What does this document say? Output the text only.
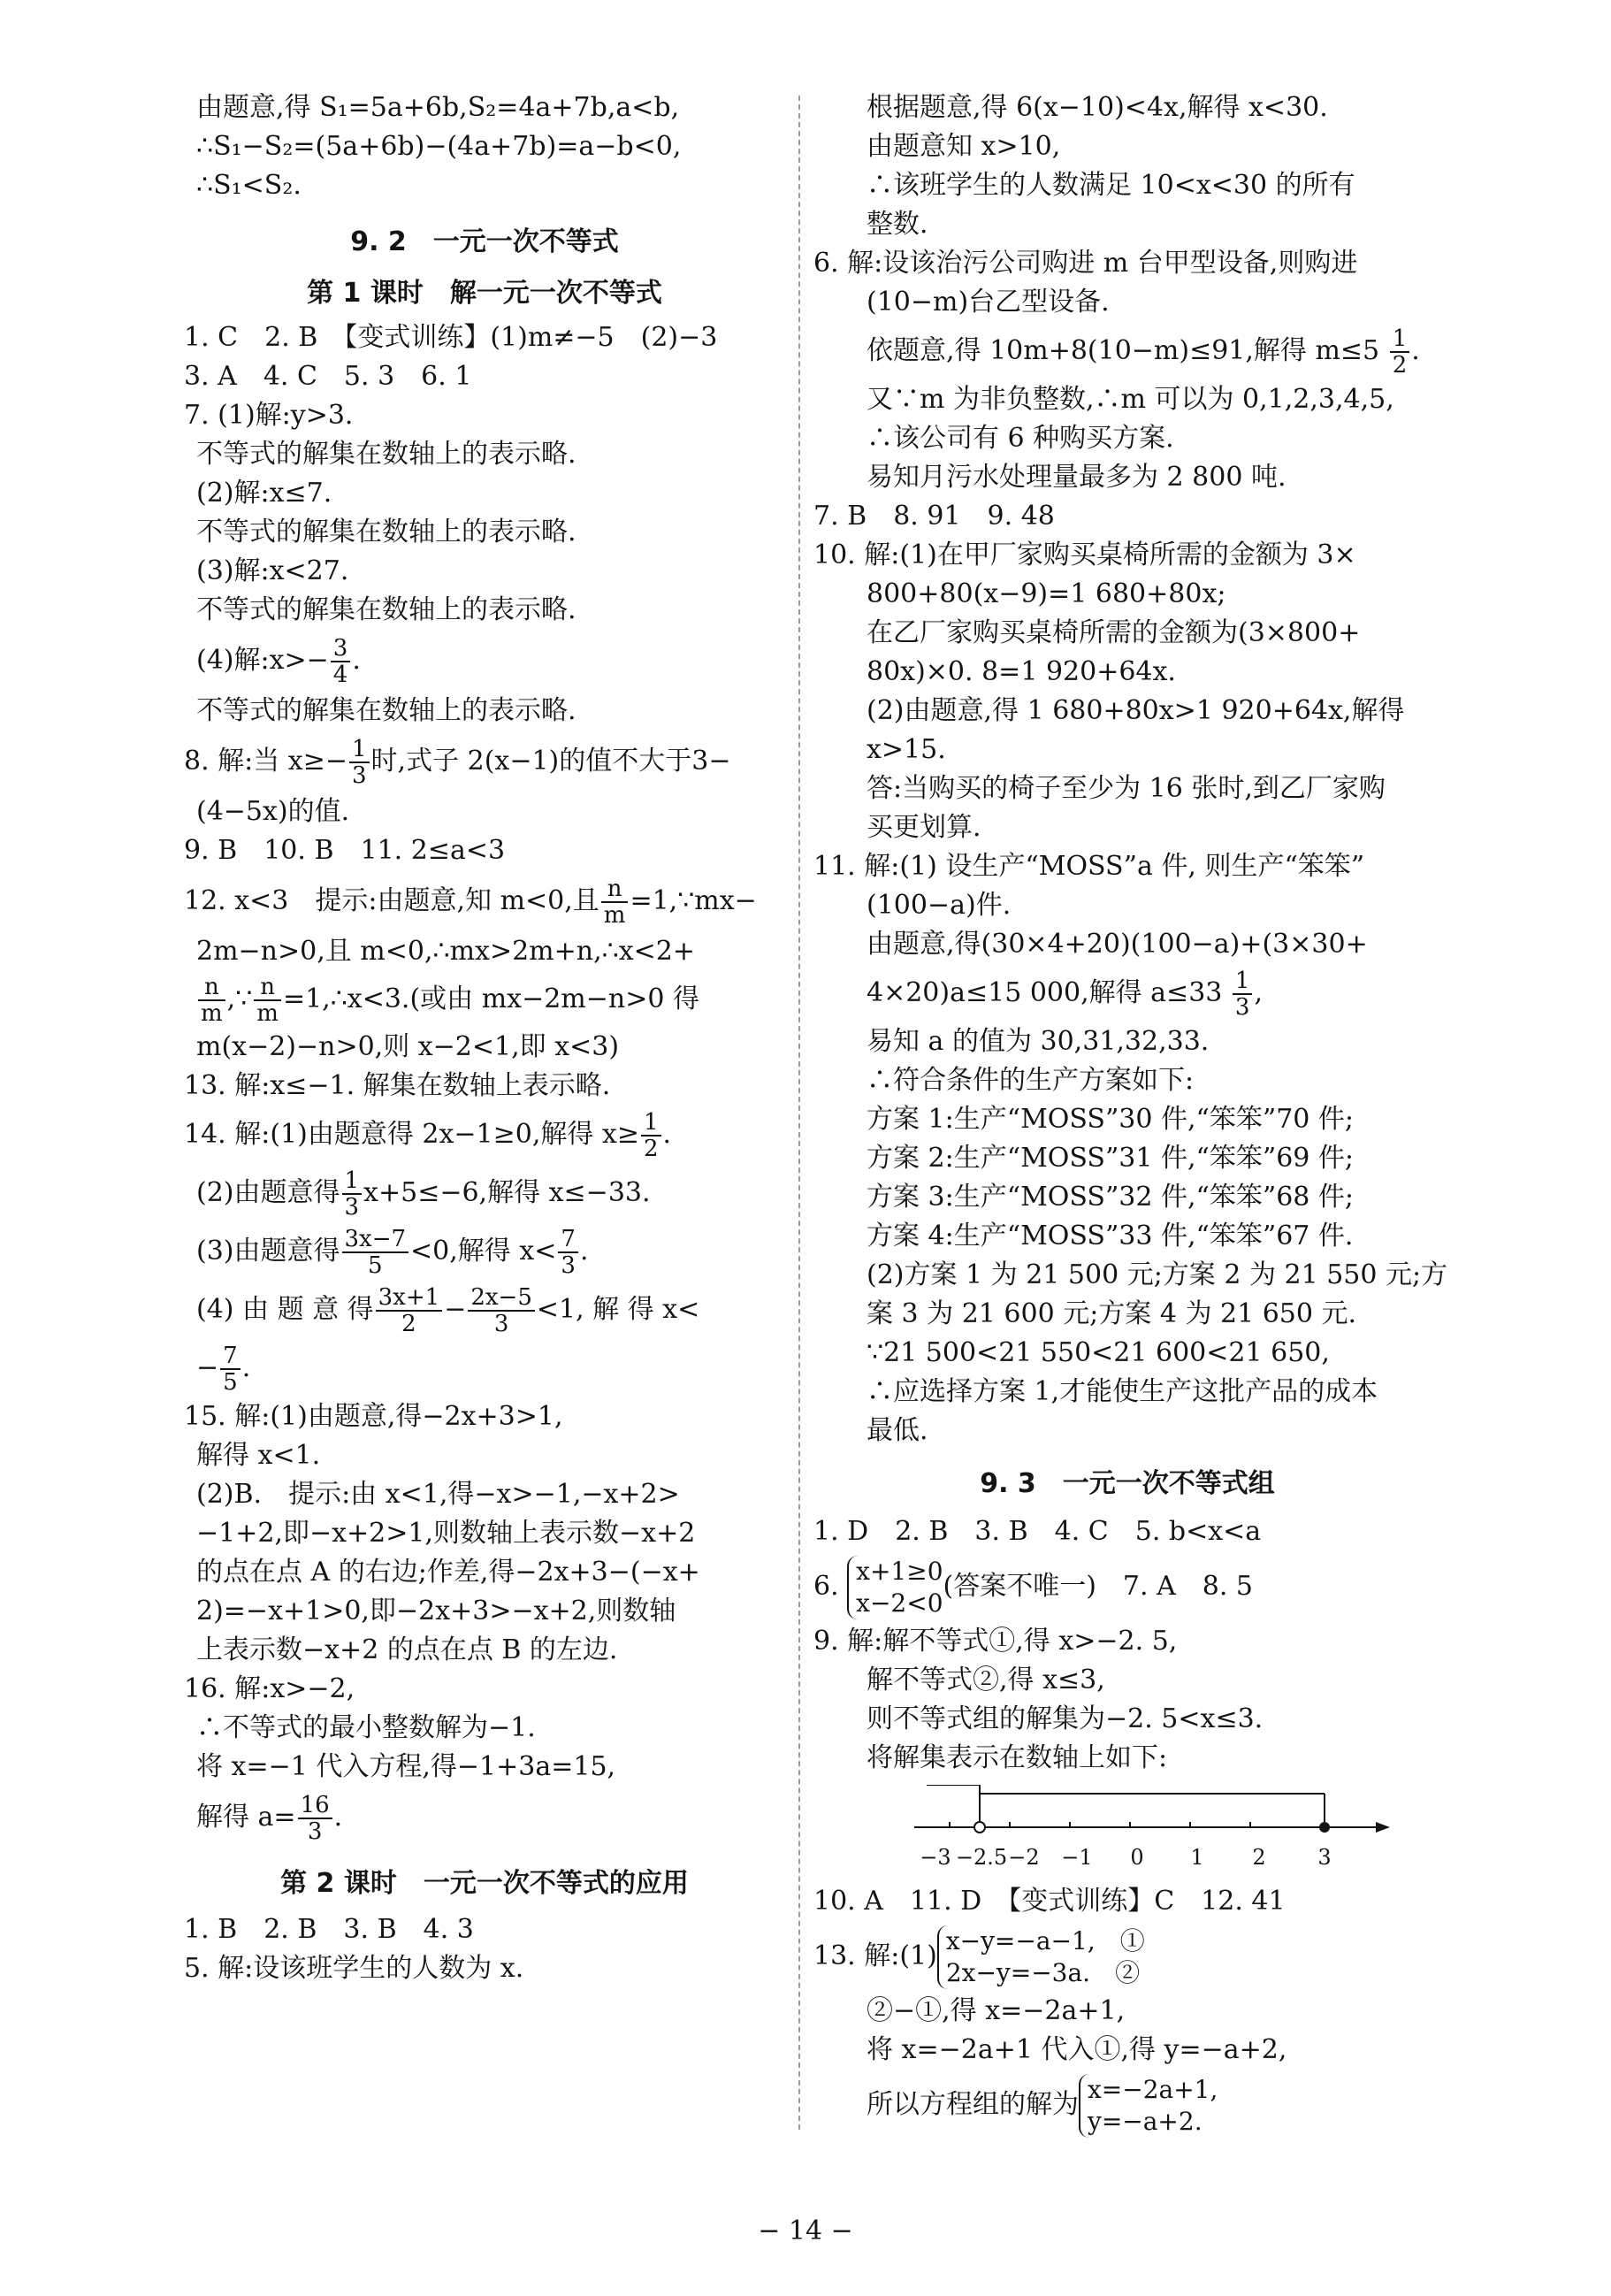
由题意,得 S₁=5a+6b,S₂=4a+7b,a<b,

∴S₁−S₂=(5a+6b)−(4a+7b)=a−b<0,

∴S₁<S₂.

9. 2　一元一次不等式

第 1 课时　解一元一次不等式

1. C　2. B　【变式训练】(1)m≠−5　(2)−3

3. A　4. C　5. 3　6. 1

7. (1)解:y>3.

不等式的解集在数轴上的表示略.

(2)解:x≤7.

不等式的解集在数轴上的表示略.

(3)解:x<27.

不等式的解集在数轴上的表示略.

(4)解:x>− $\frac{3}{4}$ .

不等式的解集在数轴上的表示略.

8. 解:当 $x\ge- \frac{1}{3}$ 时,式子 2(x−1)的值不大于3−

(4−5x)的值.

9. B　10. B　11. 2≤a<3

12. x<3　提示:由题意,知 m<0,且 $\frac{n}{m}$ =1,∵mx−

2m−n>0,且 m<0,∴mx>2m+n,∴x<2+

$\frac{n}{m}$ ,∵ $\frac{n}{m}$ =1,∴x<3.(或由 mx−2m−n>0 得

m(x−2)−n>0,则 x−2<1,即 x<3)

13. 解:x≤−1. 解集在数轴上表示略.

14. 解:(1)由题意得 2x−1≥0,解得 $x\ge \frac{1}{2}$ .

(2)由题意得 $\frac{1}{3} x+5\le-6$,解得 x≤−33.

(3)由题意得 $\frac{3x-7}{5} <0$,解得 $x< \frac{7}{3}$ .

(4) 由 题 意 得 $\frac{3x+1}{2} - \frac{2x-5}{3} <1$, 解 得 x<

− $\frac{7}{5}$ .

15. 解:(1)由题意,得−2x+3>1,

解得 x<1.

(2)B.　提示:由 x<1,得−x>−1,−x+2>

−1+2,即−x+2>1,则数轴上表示数−x+2

的点在点 A 的右边;作差,得−2x+3−(−x+

2)=−x+1>0,即−2x+3>−x+2,则数轴

上表示数−x+2 的点在点 B 的左边.

16. 解:x>−2,

∴不等式的最小整数解为−1.

将 x=−1 代入方程,得−1+3a=15,

解得 $a= \frac{16}{3}$ .

第 2 课时　一元一次不等式的应用

1. B　2. B　3. B　4. 3

5. 解:设该班学生的人数为 x.

根据题意,得 6(x−10)<4x,解得 x<30.

由题意知 x>10,

∴该班学生的人数满足 10<x<30 的所有

整数.

6. 解:设该治污公司购进 m 台甲型设备,则购进

(10−m)台乙型设备.

依题意,得 10m+8(10−m)≤91,解得 $m\le 5 \frac{1}{2}$ .

又∵m 为非负整数,∴m 可以为 0,1,2,3,4,5,

∴该公司有 6 种购买方案.

易知月污水处理量最多为 2 800 吨.

7. B　8. 91　9. 48

10. 解:(1)在甲厂家购买桌椅所需的金额为 3×

800+80(x−9)=1 680+80x;

在乙厂家购买桌椅所需的金额为(3×800+

80x)×0. 8=1 920+64x.

(2)由题意,得 1 680+80x>1 920+64x,解得

x>15.

答:当购买的椅子至少为 16 张时,到乙厂家购

买更划算.

11. 解:(1) 设生产“MOSS”a 件, 则生产“笨笨”

(100−a)件.

由题意,得(30×4+20)(100−a)+(3×30+

4×20)a≤15 000,解得 $a\le 33 \frac{1}{3}$ ,

易知 a 的值为 30,31,32,33.

∴符合条件的生产方案如下:

方案 1:生产“MOSS”30 件,“笨笨”70 件;

方案 2:生产“MOSS”31 件,“笨笨”69 件;

方案 3:生产“MOSS”32 件,“笨笨”68 件;

方案 4:生产“MOSS”33 件,“笨笨”67 件.

(2)方案 1 为 21 500 元;方案 2 为 21 550 元;方

案 3 为 21 600 元;方案 4 为 21 650 元.

∵21 500<21 550<21 600<21 650,

∴应选择方案 1,才能使生产这批产品的成本

最低.

9. 3　一元一次不等式组

1. D　2. B　3. B　4. C　5. b<x<a

6. x+1≥0
x−2<0
(答案不唯一)　7. A　8. 5

9. 解:解不等式①,得 x>−2. 5,

解不等式②,得 x≤3,

则不等式组的解集为−2. 5<x≤3.

将解集表示在数轴上如下:

10. A　11. D　【变式训练】C　12. 41

13. 解:(1) x−y=−a−1,　①
2x−y=−3a.　②

②−①,得 x=−2a+1,

将 x=−2a+1 代入①,得 y=−a+2,

所以方程组的解为 x=−2a+1,
y=−a+2.

−3 −2.5 −2 −1 0 1 2 3
− 14 −
